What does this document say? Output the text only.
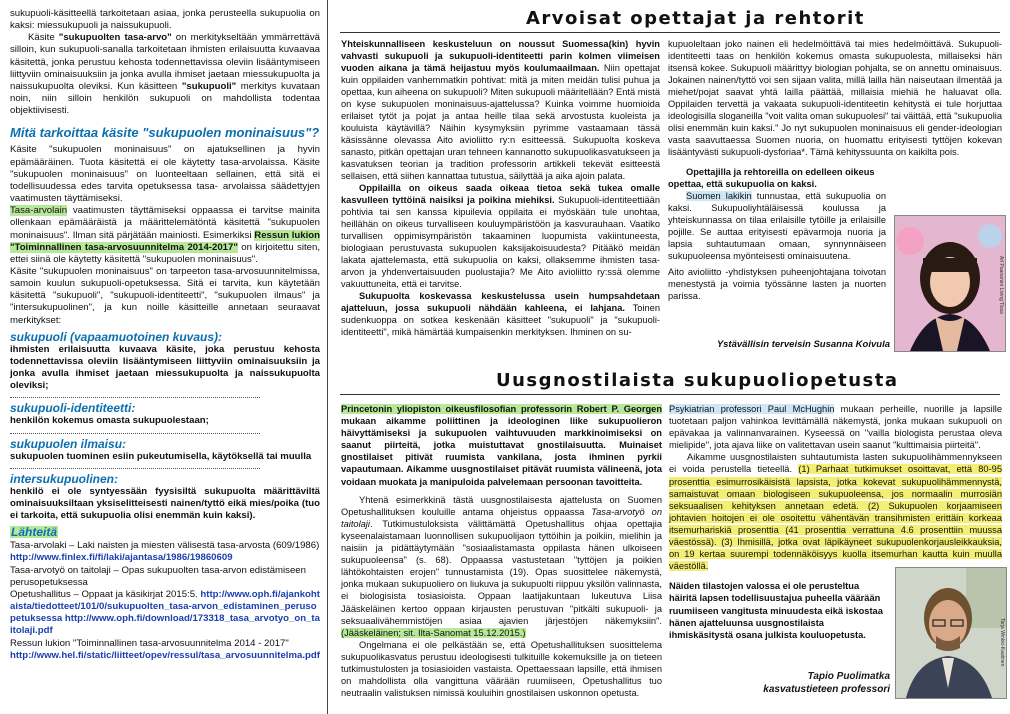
sukupuoli-käsitteellä tarkoitetaan asiaa, jonka perusteella sukupuolia on kaksi: miessukupuoli ja naissukupuoli.

Käsite "sukupuolten tasa-arvo" on merkitykseltään ymmärrettävä silloin, kun sukupuoli-sanalla tarkoitetaan ihmisten erilaisuutta kuvaavaa käsitettä, jonka perustuu kehosta todennettavissa oleviin lisääntymiseen liittyviin ominaisuuksiin ja jonka avulla ihmiset jaetaan miessukupuolta ja naissukupuolta oleviksi. Kun käsitteen "sukupuoli" merkitys kuvataan noin, niin silloin henkilön sukupuoli on mahdollista todentaa objektiivisesti.

Mitä tarkoittaa käsite "sukupuolen moninaisuus"?

Käsite "sukupuolen moninaisuus" on ajatuksellinen ja hyvin epämääräinen. Tuota käsitettä ei ole käytetty tasa-arvolaissa. Käsite "sukupuolen moninaisuus" on luonteeltaan sellainen, että sitä ei todellisuudessa edes tarvita opetuksessa tasa- arvolaissa säädettyjen vaatimusten täyttämiseksi.

Tasa-arvolain vaatimusten täyttämiseksi oppaassa ei tarvitse mainita ollenkaan epämääräistä ja määrittelemätöntä käsitettä "sukupuolen moninaisuus". Ilman sitä pärjätään mainiosti. Esimerkiksi Ressun lukion "Toiminnallinen tasa-arvosuunnitelma 2014-2017" on kirjoitettu siten, ettei siinä ole käytetty käsitettä "sukupuolen moninaisuus".

Käsite "sukupuolen moninaisuus" on tarpeeton tasa-arvosuunnitelmissa, samoin kuulun sukupuoli-opetuksessa. Sitä ei tarvita, kun käytetään käsitettä "sukupuoli", "sukupuoli-identiteetti", "sukupuolen ilmaus" ja "intersukupuolinen", ja kun noille käsitteille annetaan seuraavat merkitykset:

sukupuoli (vapaamuotoinen kuvaus):

ihmisten erilaisuutta kuvaava käsite, joka perustuu kehosta todennettavissa oleviin lisääntymiseen liittyviin ominaisuuksiin ja jonka avulla ihmiset jaetaan miessukupuolta ja naissukupuolta oleviksi;

sukupuoli-identiteetti:

henkilön kokemus omasta sukupuolestaan;

sukupuolen ilmaisu:

sukupuolen tuominen esiin pukeutumisella, käytöksellä tai muulla

intersukupuolinen:

henkilö ei ole syntyessään fyysisiltä sukupuolta määrittäviltä ominaisuuksiltaan yksiselitteisesti nainen/tyttö eikä mies/poika (tuo ei tarkoita, että sukupuolia olisi enemmän kuin kaksi).

Lähteitä

Tasa-arvolaki – Laki naisten ja miesten välisestä tasa-arvosta (609/1986)
http://www.finlex.fi/fi/laki/ajantasa/1986/19860609

Tasa-arvotyö on taitolaji – Opas sukupuolten tasa-arvon edistämiseen perusopetuksessa

Opetushallitus – Oppaat ja käsikirjat 2015:5. http://www.oph.fi/ajankohtaista/tiedotteet/101/0/sukupuolten_tasa-arvon_edistaminen_perusopetuksessa http://www.oph.fi/download/173318_tasa_arvotyo_on_taitolaji.pdf

Ressun lukion "Toiminnallinen tasa-arvosuunnitelma 2014 - 2017"
http://www.hel.fi/static/liitteet/opev/ressul/tasa_arvosuunnitelma.pdf

Arvoisat opettajat ja rehtorit

Yhteiskunnalliseen keskusteluun on noussut Suomessa(kin) hyvin vahvasti sukupuoli ja sukupuoli-identiteetti parin kolmen viimeisen vuoden aikana ja tämä heijastuu myös koulumaailmaan. Niin opettajat kuin oppilaiden vanhemmatkin pohtivat: mitä ja miten meidän tulisi puhua ja opettaa, kun aiheena on sukupuoli? Miten sukupuoli määritellään? Entä mistä on kyse sukupuolen moninaisuus-ajattelussa? Kuinka voimme huomioida erilaiset tytöt ja pojat ja antaa heille tilaa sekä arvostusta kuoleista ja kouluista käytävillä? Näihin kysymyksiin pyrimme vastaamaan tässä käsissänne olevassa Aito avioliitto ry:n esitteessä. Sukupuolta koskeva sanasto, pitkän opettajan uran tehneen kannanotto sukupuolikasvatukseen ja kasvatuksen teorian ja tradition professorin artikkeli tekevät esitteestä sellaisen, että siihen kannattaa tutustua, säilyttää ja aika ajoin palata.

Oppilailla on oikeus saada oikeaa tietoa sekä tukea omalle kasvulleen tyttöinä naisiksi ja poikina miehiksi. Sukupuoli-identiteettiään pohtivia tai sen kanssa kipuilevia oppilaita ei myöskään tule unohtaa, heillähän on oikeus turvalliseen kouluympäristöön ja kasvurauhaan. Vaatiko turvallisen oppimisympäristön takaaminen luopumista vakiintuneesta, biologiaan perustuvasta sukupuolen kaksijakoisuudesta? Pitääkö meidän lakata ajattelemasta, että sukupuolia on kaksi, ollaksemme ihmisten tasa-arvon ja yhdenvertaisuuden puolustajia? Me Aito avioliitto ry:ssä olemme vakuuttuneita, että ei tarvitse.

Sukupuolta koskevassa keskustelussa usein humpsahdetaan ajatteluun, jossa sukupuoli nähdään kahleena, ei lahjana. Toinen sudenkuoppa on sotkea keskenään käsitteet "sukupuoli" ja "sukupuoli-identiteetti", mikä hämärtää kumpaisenkin merkityksen. Ihminen on su-

kupuoleltaan joko nainen eli hedelmöittävä tai mies hedelmöittävä. Sukupuoli-identiteetti taas on henkilön kokemus omasta sukupuolesta, millaiseksi hän itsensä kokee. Sukupuoli määrittyy biologian pohjalta, se on annettu ominaisuus. Jokainen nainen/tyttö voi sen sijaan valita, millä lailla hän naiseutaan ilmentää ja miehet/pojat saavat yhtä lailla päättää, millaisia miehiä he haluavat olla. Oppilaiden tervettä ja vakaata sukupuoli-identiteetin kehitystä ei tule horjuttaa ideologisilla sloganeilla "voit valita oman sukupuolesi" tai väittää, että "sukupuolia olisi enemmän kuin kaksi." Jo nyt sukupuolen moninaisuus eli gender-ideologian vasta saavuttaessa Suomen nuoria, on huomattu erityisesti tyttöjen kokevan lisääntyvästi sukupuoli-dysforiaa*. Tämä kehityssuunta on kaikilta pois.

Opettajilla ja rehtoreilla on edelleen oikeus opettaa, että sukupuolia on kaksi.

Suomen lakikin tunnustaa, että sukupuolia on kaksi. Sukupuoliyhtäläisessä koulussa ja yhteiskunnassa on tilaa erilaisille tytöille ja erilaisille pojille. Se auttaa erityisesti epävarmoja nuoria ja lapsia suhtautumaan omaan, synnynnäiseen sukupuoleensa myönteisesti ominaisuutena.

Aito avioliitto -yhdistyksen puheenjohtajana toivotan menestystä ja voimia työssänne lasten ja nuorten parissa.

Ystävällisin terveisin Susanna Koivula
Arl Paananen Living Tissa
Uusgnostilaista sukupuoliopetusta

Princetonin yliopiston oikeusfilosofian professorin Robert P. Georgen mukaan aikamme poliittinen ja ideologinen liike sukupuolieron häivyttämiseksi ja sukupuolen vaihtuvuuden markkinoimiseksi on saanut piirteitä, jotka muistuttavat gnostilaisuutta. Muinaiset gnostilaiset pitivät ruumista vankilana, josta ihminen pyrkii vapautumaan. Aikamme uusgnostilaiset pitävät ruumista välineenä, jota voidaan muokata ja manipuloida palvelemaan persoonan tavoitteita.

Yhtenä esimerkkinä tästä uusgnostilaisesta ajattelusta on Suomen Opetushallituksen kouluille antama ohjeistus oppaassa Tasa-arvotyö on taitolaji. Tutkimustuloksista välittämättä Opetushallitus ohjaa opettajia kyseenalaistamaan luonnollisen sukupuolijaon tyttöihin ja poikiin, mielihin ja naisiin ja pidättäytymään "sosiaalistamasta oppilasta hänen ulkoiseen sukupuoleensa" (s. 68). Oppaassa vastustetaan "tyttöjen ja poikien lähtökohtaisten erojen" tunnustamista (19). Opas suosittelee näkemystä, jonka mukaan sukupuoliero on liukuva ja sukupuolti riippuu yksilön valinnasta, ei biologisista tosiasioista. Oppaan laatijakuntaan lukeutuva Liisa Jääskeläinen kertoo oppaan kirjausten perustuvan "pitkälti sukupuoli- ja seksuaalivähemmistöjen asiaa ajavien järjestöjen näkemyksiin". (Jääskeläinen; sit. Ilta-Sanomat 15.12.2015.)

Ongelmana ei ole pelkästään se, että Opetushallituksen suosittelema sukupuolikasvatus perustuu ideologisesti tulkituille kokemuksille ja on tieteen tutkimustulosten ja tosiasioiden vastaista. Opettaessaan lapsille, että ihmisen on mahdollista olla vangittuna väärään ruumiiseen, Opetushallitus tuo neutraalin valistuksen nimissä kouluihin gnostilaisen uskonnon opetusta.

Psykiatrian professori Paul McHughin mukaan perheille, nuorille ja lapsille tuotetaan paljon vahinkoa levittämällä näkemystä, jonka mukaan sukupuoli on epävakaa ja valinnanvarainen. Kyseessä on "vailla biologista perustaa oleva mielipide", jota ajava liike on valitettavan usein saanut "kulttimaisia piirteitä".

Aikamme uusgnostilaisten suhtautumista lasten sukupuolihämmennykseen ei voida perustella tieteellä. (1) Parhaat tutkimukset osoittavat, että 80-95 prosenttia esimurrosikäisistä lapsista, jotka kokevat sukupuolihämmennystä, samaistuvat omaan biologiseen sukupuoleensa, jos normaalin murrosiän seksuaalisen kehityksen annetaan edetä. (2) Sukupuolen korjaamiseen johtavien hoitojen ei ole osoitettu vähentävän transihmisten erittäin korkeaa itsemurhariskiä prosenttia (41 prosenttia verrattuna 4.6 prosenttiin muussa väestössä). (3) Ihmisillä, jotka ovat läpikäyneet sukupuolenkorjausleikkauksia, on 19 kertaa suurempi todennäköisyys kuolla itsemurhan kautta kuin muulla väestöllä.

Näiden tilastojen valossa ei ole perusteltua häiritä lapsen todellisuustajua puheella väärään ruumiiseen vangitusta minuudesta eikä iskostaa hänen ajatteluunsa uusgnostilaista ihmiskäsitystä osana julkista kouluopetusta.

Tapio Puolimatka
kasvatustieteen professori
Tarja Winkki-Kautinen
